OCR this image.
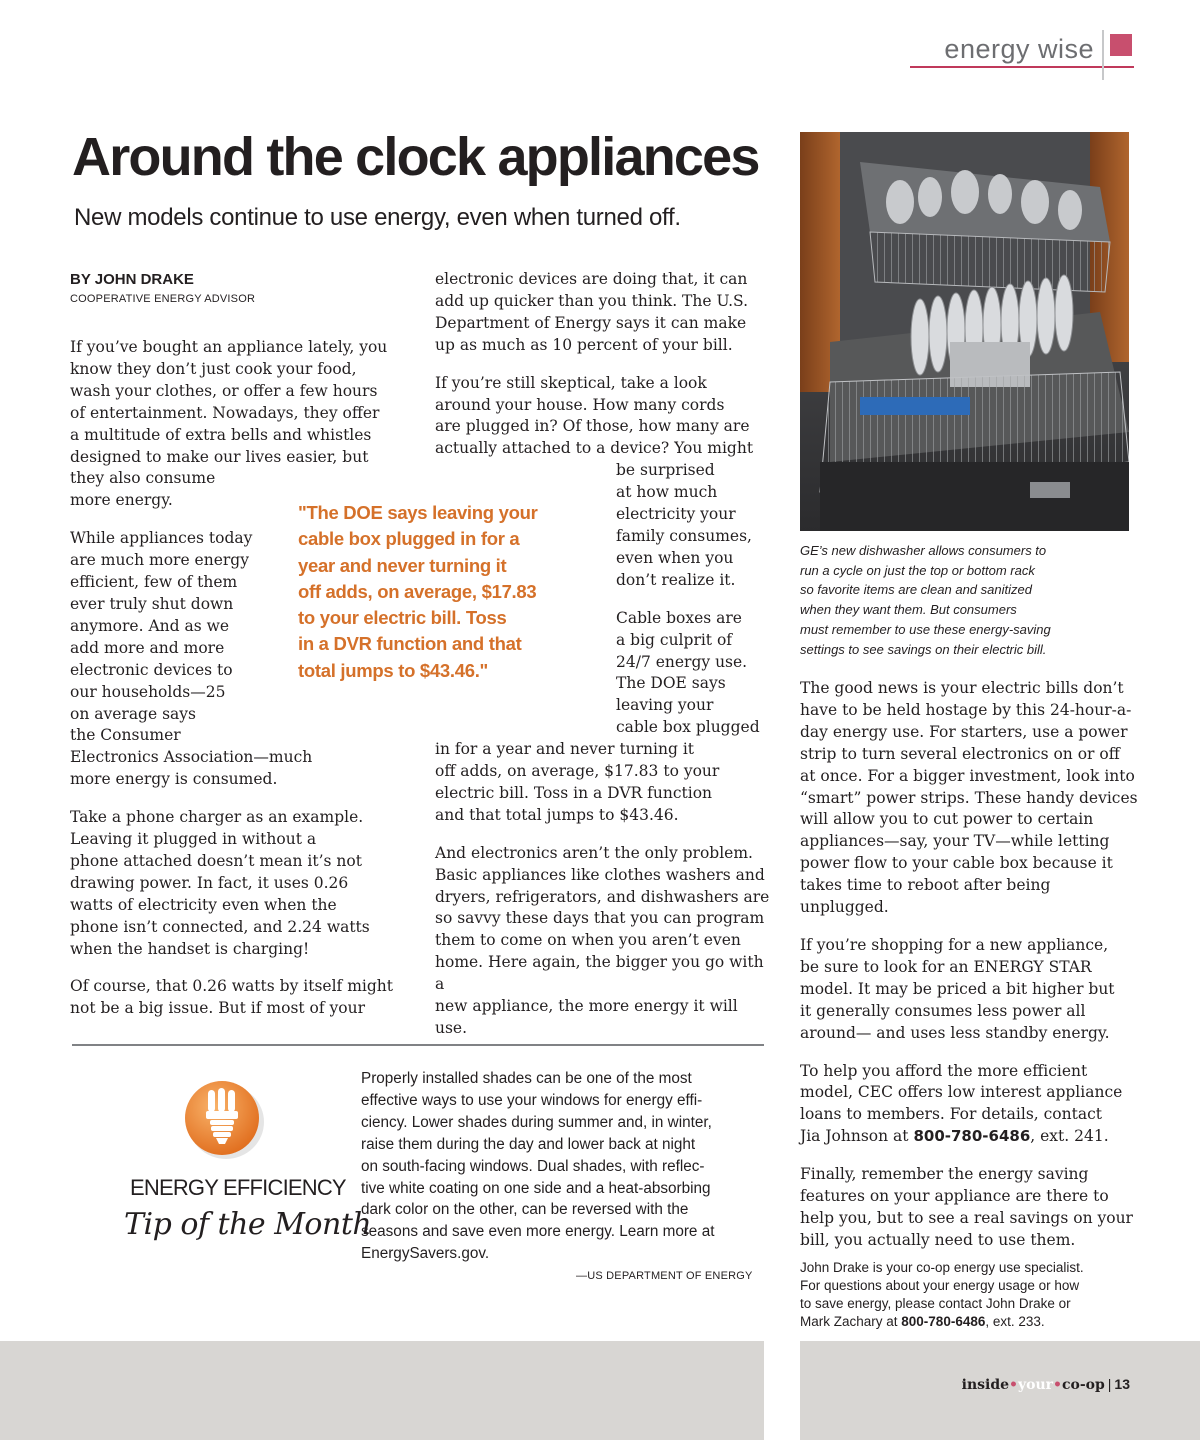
energy wise
Around the clock appliances
New models continue to use energy, even when turned off.
BY JOHN DRAKE
COOPERATIVE ENERGY ADVISOR

If you’ve bought an appliance lately, you
know they don’t just cook your food,
wash your clothes, or offer a few hours
of entertainment. Nowadays, they offer
a multitude of extra bells and whistles
designed to make our lives easier, but
they also consume
more energy.

While appliances today
are much more energy
efficient, few of them
ever truly shut down
anymore. And as we
add more and more
electronic devices to
our households—25
on average says
the Consumer
Electronics Association—much
more energy is consumed.

Take a phone charger as an example.
Leaving it plugged in without a
phone attached doesn’t mean it’s not
drawing power. In fact, it uses 0.26
watts of electricity even when the
phone isn’t connected, and 2.24 watts
when the handset is charging!

Of course, that 0.26 watts by itself might
not be a big issue. But if most of your

electronic devices are doing that, it can
add up quicker than you think. The U.S.
Department of Energy says it can make
up as much as 10 percent of your bill.

If you’re still skeptical, take a look
around your house. How many cords
are plugged in? Of those, how many are
actually attached to a device? You might

be surprised
at how much
electricity your
family consumes,
even when you
don’t realize it.

Cable boxes are
a big culprit of
24/7 energy use.
The DOE says
leaving your
cable box plugged

in for a year and never turning it
off adds, on average, $17.83 to your
electric bill. Toss in a DVR function
and that total jumps to $43.46.

And electronics aren’t the only problem.
Basic appliances like clothes washers and
dryers, refrigerators, and dishwashers are
so savvy these days that you can program
them to come on when you aren’t even
home. Here again, the bigger you go with a
new appliance, the more energy it will use.

"The DOE says leaving your
cable box plugged in for a
year and never turning it
off adds, on average, $17.83
to your electric bill. Toss
in a DVR function and that
total jumps to $43.46."
GE’s new dishwasher allows consumers to
run a cycle on just the top or bottom rack
so favorite items are clean and sanitized
when they want them. But consumers
must remember to use these energy-saving
settings to see savings on their electric bill.

The good news is your electric bills don’t
have to be held hostage by this 24-hour-a-
day energy use. For starters, use a power
strip to turn several electronics on or off
at once. For a bigger investment, look into
“smart” power strips. These handy devices
will allow you to cut power to certain
appliances—say, your TV—while letting
power flow to your cable box because it
takes time to reboot after being unplugged.

If you’re shopping for a new appliance,
be sure to look for an ENERGY STAR
model. It may be priced a bit higher but
it generally consumes less power all
around— and uses less standby energy.

To help you afford the more efficient
model, CEC offers low interest appliance
loans to members. For details, contact
Jia Johnson at 800-780-6486, ext. 241.

Finally, remember the energy saving
features on your appliance are there to
help you, but to see a real savings on your
bill, you actually need to use them.

John Drake is your co-op energy use specialist.
For questions about your energy usage or how
to save energy, please contact John Drake or
Mark Zachary at 800-780-6486, ext. 233.
ENERGY EFFICIENCY
Tip of the Month
Properly installed shades can be one of the most
effective ways to use your windows for energy effi-
ciency. Lower shades during summer and, in winter,
raise them during the day and lower back at night
on south-facing windows. Dual shades, with reflec-
tive white coating on one side and a heat-absorbing
dark color on the other, can be reversed with the
seasons and save even more energy. Learn more at
EnergySavers.gov.
—US DEPARTMENT OF ENERGY
inside•your•co-op | 13
